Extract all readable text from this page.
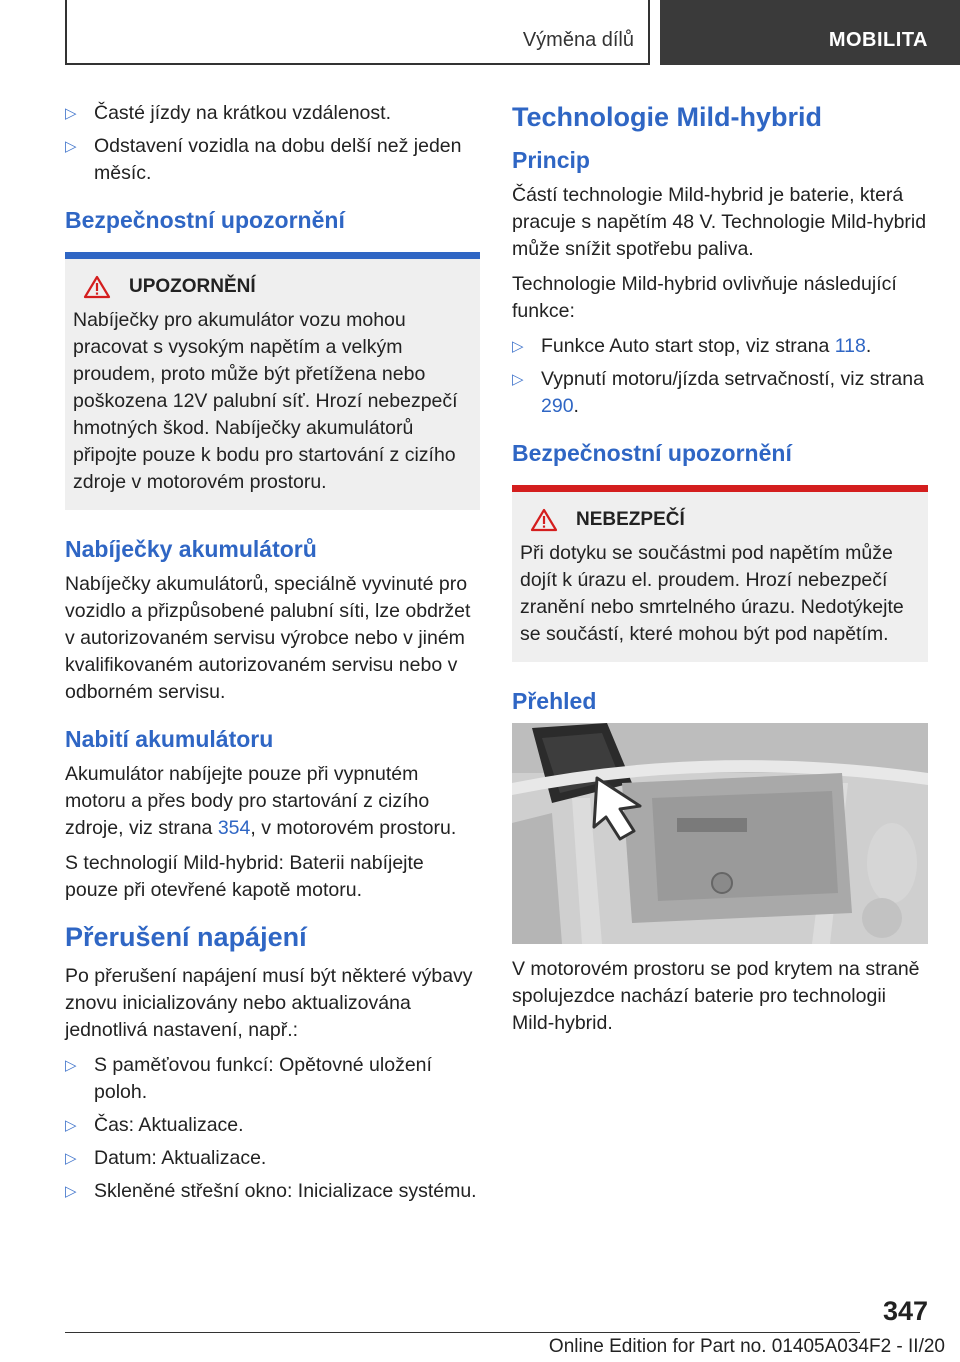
Výměna dílů	MOBILITA
▷ Časté jízdy na krátkou vzdálenost.
▷ Odstavení vozidla na dobu delší než jeden měsíc.
Bezpečnostní upozornění
UPOZORNĚNÍ

Nabíječky pro akumulátor vozu mohou pracovat s vysokým napětím a velkým proudem, proto může být přetížena nebo poškozena 12V palubní síť. Hrozí nebezpečí hmotných škod. Nabíječky akumulátorů připojte pouze k bodu pro startování z cizího zdroje v motorovém prostoru.

Nabíječky akumulátorů

Nabíječky akumulátorů, speciálně vyvinuté pro vozidlo a přizpůsobené palubní síti, lze obdržet v autorizovaném servisu výrobce nebo v jiném kvalifikovaném autorizovaném servisu nebo v odborném servisu.

Nabití akumulátoru

Akumulátor nabíjejte pouze při vypnutém motoru a přes body pro startování z cizího zdroje, viz strana 354, v motorovém prostoru.

S technologií Mild-hybrid: Baterii nabíjejte pouze při otevřené kapotě motoru.

Přerušení napájení

Po přerušení napájení musí být některé výbavy znovu inicializovány nebo aktualizována jednotlivá nastavení, např.:

▷ S paměťovou funkcí: Opětovné uložení poloh.
▷ Čas: Aktualizace.
▷ Datum: Aktualizace.
▷ Skleněné střešní okno: Inicializace systému.
Technologie Mild-hybrid
Princip

Částí technologie Mild-hybrid je baterie, která pracuje s napětím 48 V. Technologie Mild-hybrid může snížit spotřebu paliva.

Technologie Mild-hybrid ovlivňuje následující funkce:

▷ Funkce Auto start stop, viz strana 118.
▷ Vypnutí motoru/jízda setrvačností, viz strana 290.
Bezpečnostní upozornění
NEBEZPEČÍ

Při dotyku se součástmi pod napětím může dojít k úrazu el. proudem. Hrozí nebezpečí zranění nebo smrtelného úrazu. Nedotýkejte se součástí, které mohou být pod napětím.

Přehled

V motorovém prostoru se pod krytem na straně spolujezdce nachází baterie pro technologii Mild-hybrid.

347
Online Edition for Part no. 01405A034F2 - II/20
